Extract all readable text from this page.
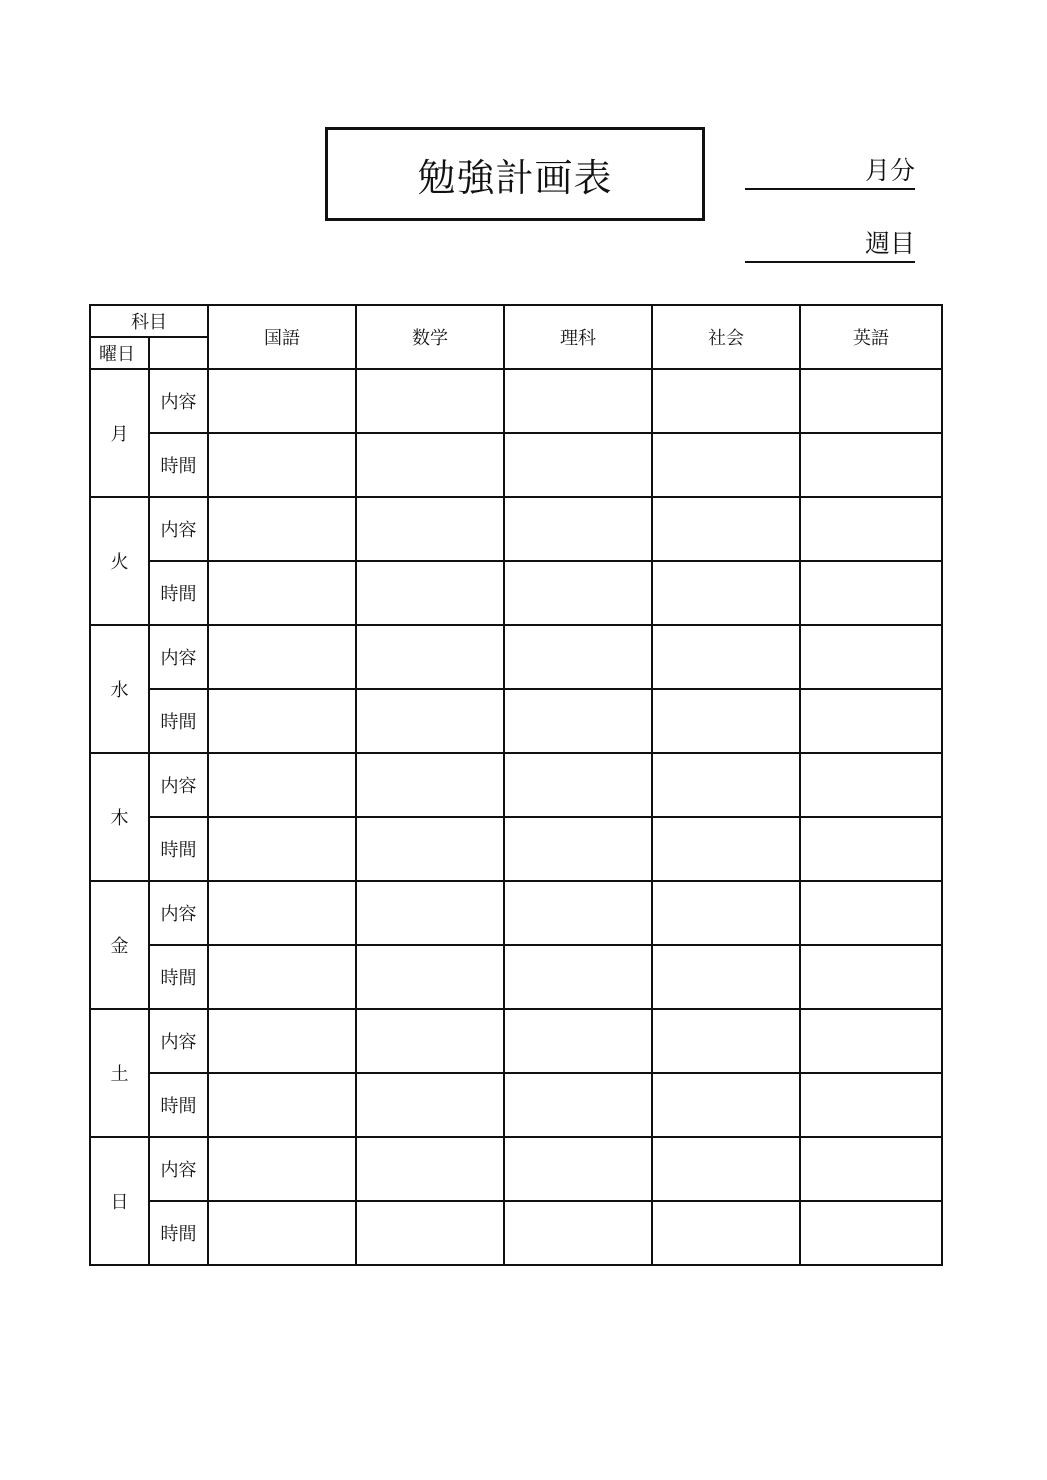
勉強計画表	月分
週目
科目		国語	数学	理科	社会	英語
曜日						
月	内容					
	時間					
火	内容					
	時間					
水	内容					
	時間					
木	内容					
	時間					
金	内容					
	時間					
土	内容					
	時間					
日	内容					
	時間					
